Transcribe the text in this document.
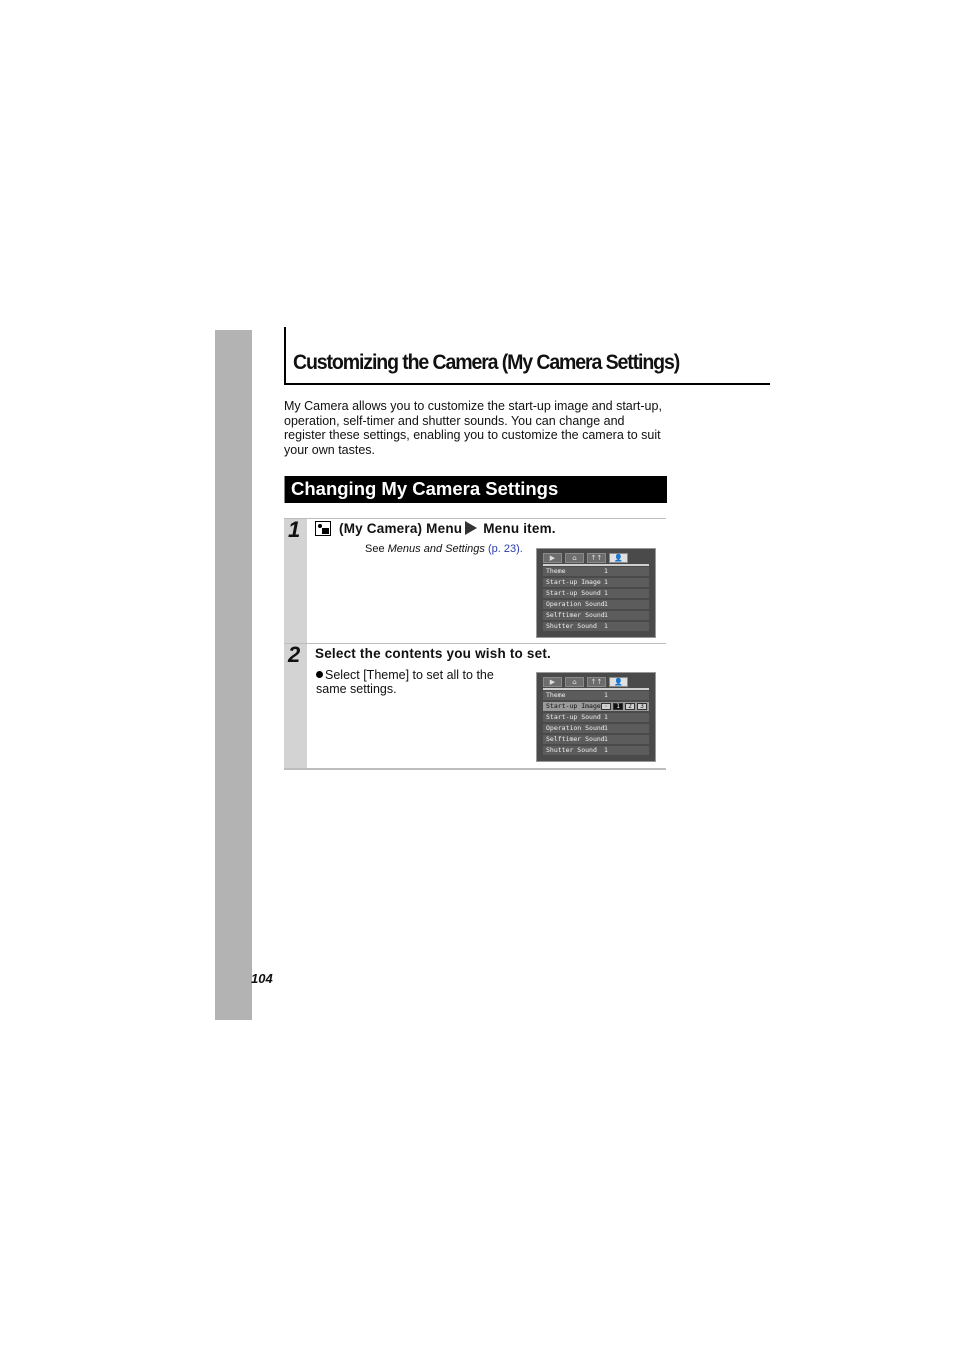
Customizing the Camera (My Camera Settings)
My Camera allows you to customize the start-up image and start-up, operation, self-timer and shutter sounds. You can change and register these settings, enabling you to customize the camera to suit your own tastes.
Changing My Camera Settings
1	(My Camera) Menu Menu item.
See Menus and Settings (p. 23).
▶	⌂	↑↑	👤
Theme	1
Start-up Image 1
Start-up Sound 1
Operation Sound 1
Selftimer Sound 1
Shutter Sound 1
2 Select the contents you wish to set.
Select [Theme] to set all to the same settings.	▶	⌂	↑↑	👤
Theme	1
Start-up Image ·	1	2	3
Start-up Sound 1
Operation Sound 1
Selftimer Sound 1
Shutter Sound 1
104
